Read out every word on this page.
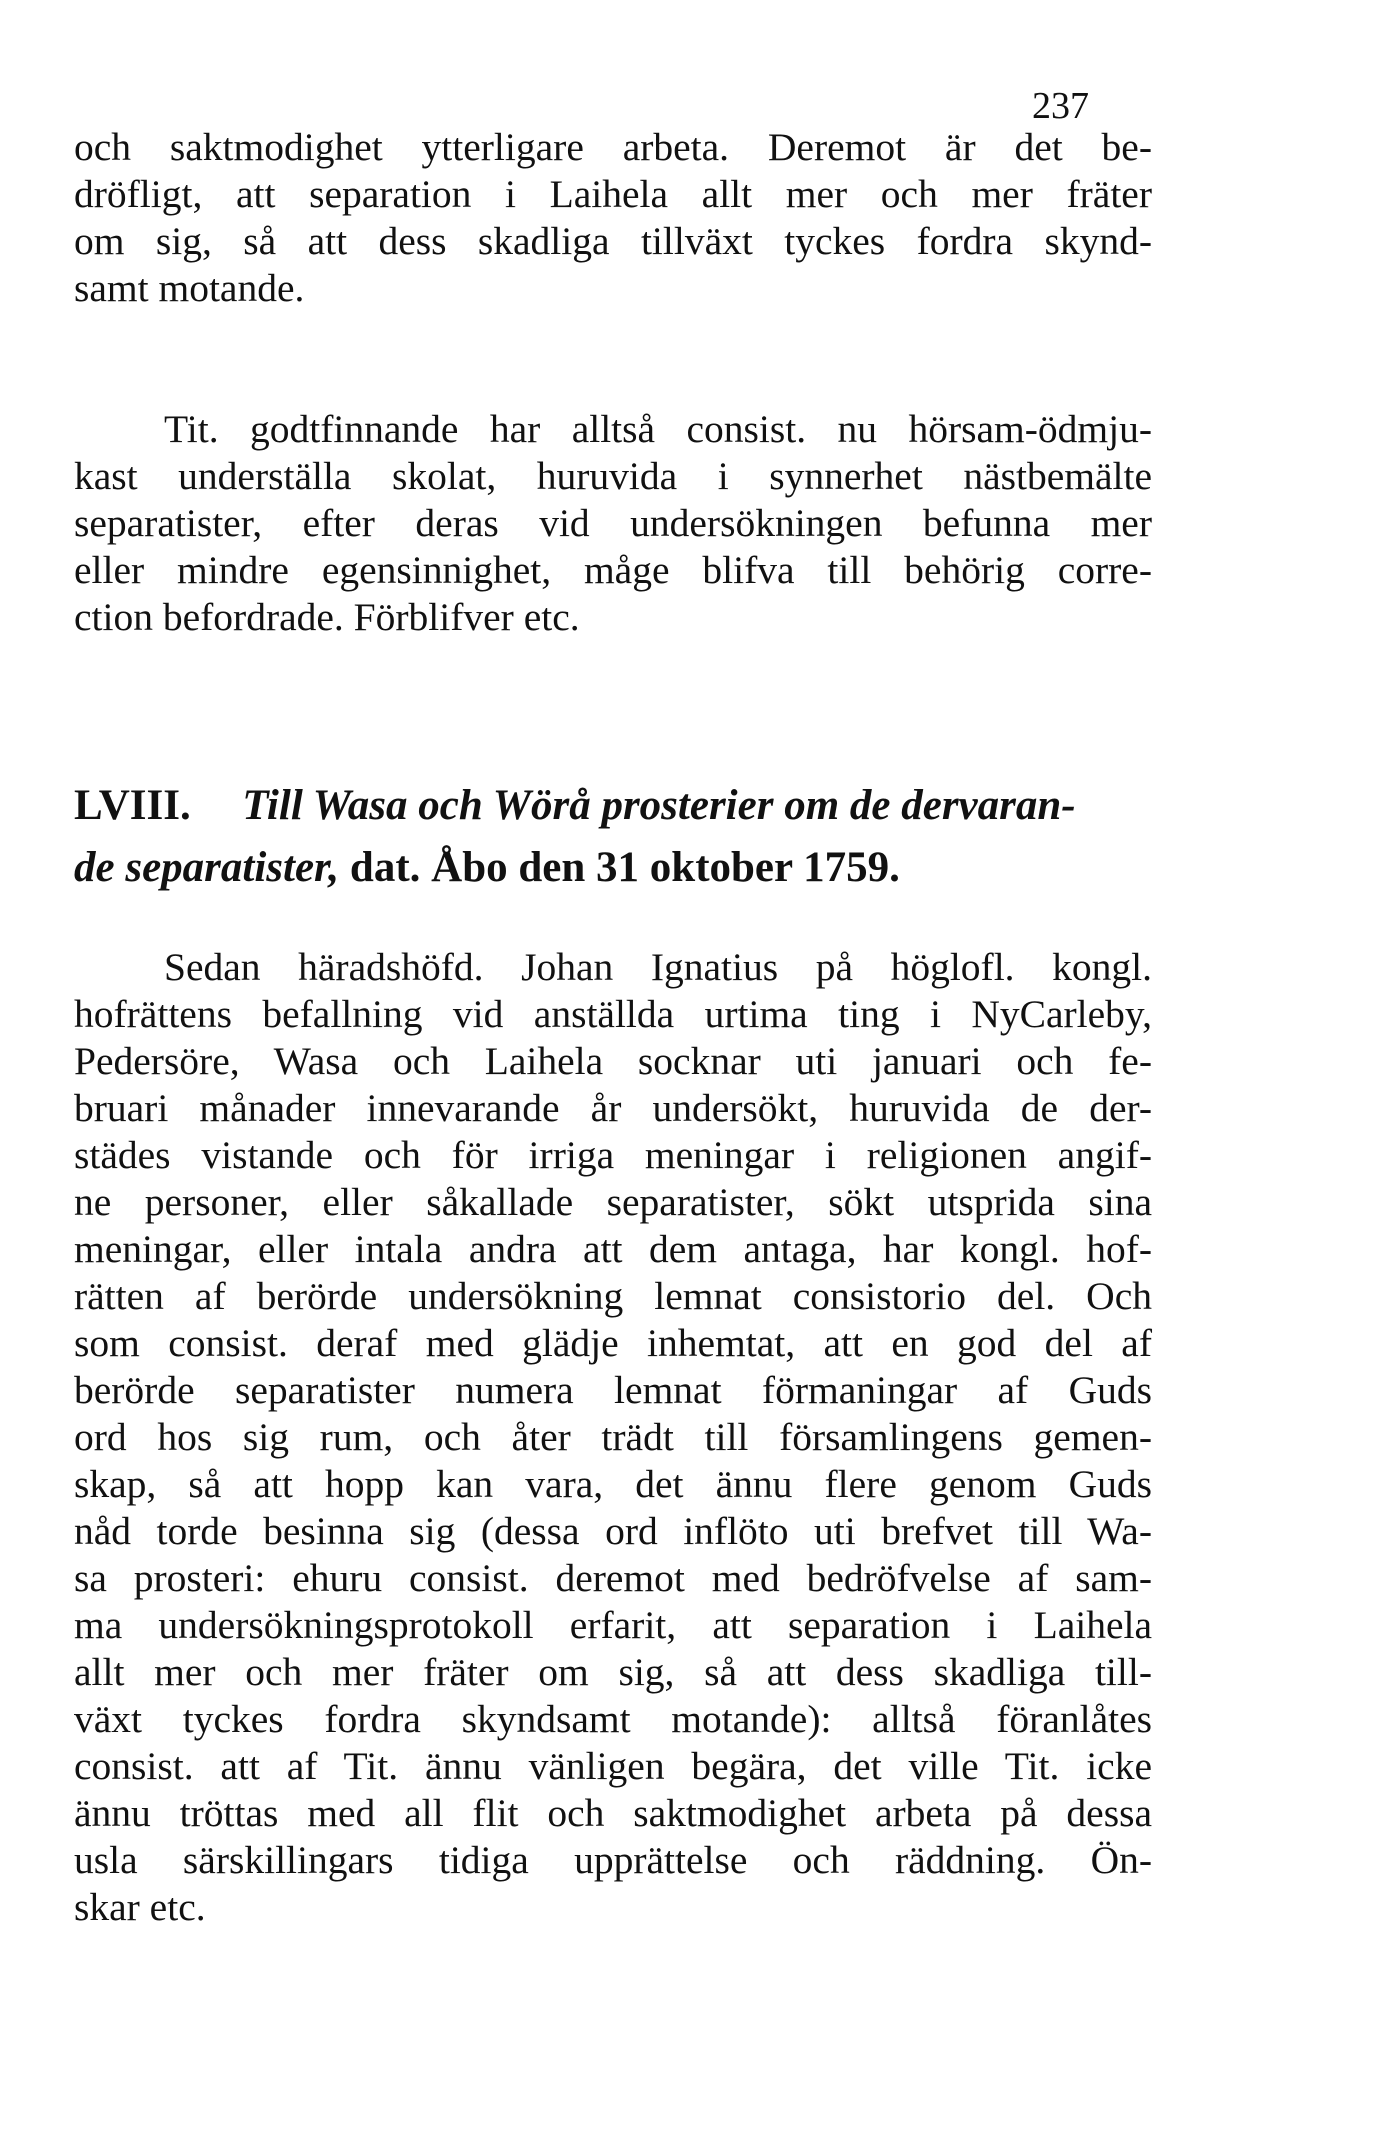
237
och saktmodighet ytterligare arbeta. Deremot är det be-
dröfligt, att separation i Laihela allt mer och mer fräter
om sig, så att dess skadliga tillväxt tyckes fordra skynd-
samt motande.
Tit. godtfinnande har alltså consist. nu hörsam-ödmju-
kast underställa skolat, huruvida i synnerhet nästbemälte
separatister, efter deras vid undersökningen befunna mer
eller mindre egensinnighet, måge blifva till behörig corre-
ction befordrade. Förblifver etc.
LVIII. Till Wasa och Wörå prosterier om de dervaran-
de separatister, dat. Åbo den 31 oktober 1759.
Sedan häradshöfd. Johan Ignatius på höglofl. kongl.
hofrättens befallning vid anställda urtima ting i NyCarleby,
Pedersöre, Wasa och Laihela socknar uti januari och fe-
bruari månader innevarande år undersökt, huruvida de der-
städes vistande och för irriga meningar i religionen angif-
ne personer, eller såkallade separatister, sökt utsprida sina
meningar, eller intala andra att dem antaga, har kongl. hof-
rätten af berörde undersökning lemnat consistorio del. Och
som consist. deraf med glädje inhemtat, att en god del af
berörde separatister numera lemnat förmaningar af Guds
ord hos sig rum, och åter trädt till församlingens gemen-
skap, så att hopp kan vara, det ännu flere genom Guds
nåd torde besinna sig (dessa ord inflöto uti brefvet till Wa-
sa prosteri: ehuru consist. deremot med bedröfvelse af sam-
ma undersökningsprotokoll erfarit, att separation i Laihela
allt mer och mer fräter om sig, så att dess skadliga till-
växt tyckes fordra skyndsamt motande): alltså föranlåtes
consist. att af Tit. ännu vänligen begära, det ville Tit. icke
ännu tröttas med all flit och saktmodighet arbeta på dessa
usla särskillingars tidiga upprättelse och räddning. Ön-
skar etc.
